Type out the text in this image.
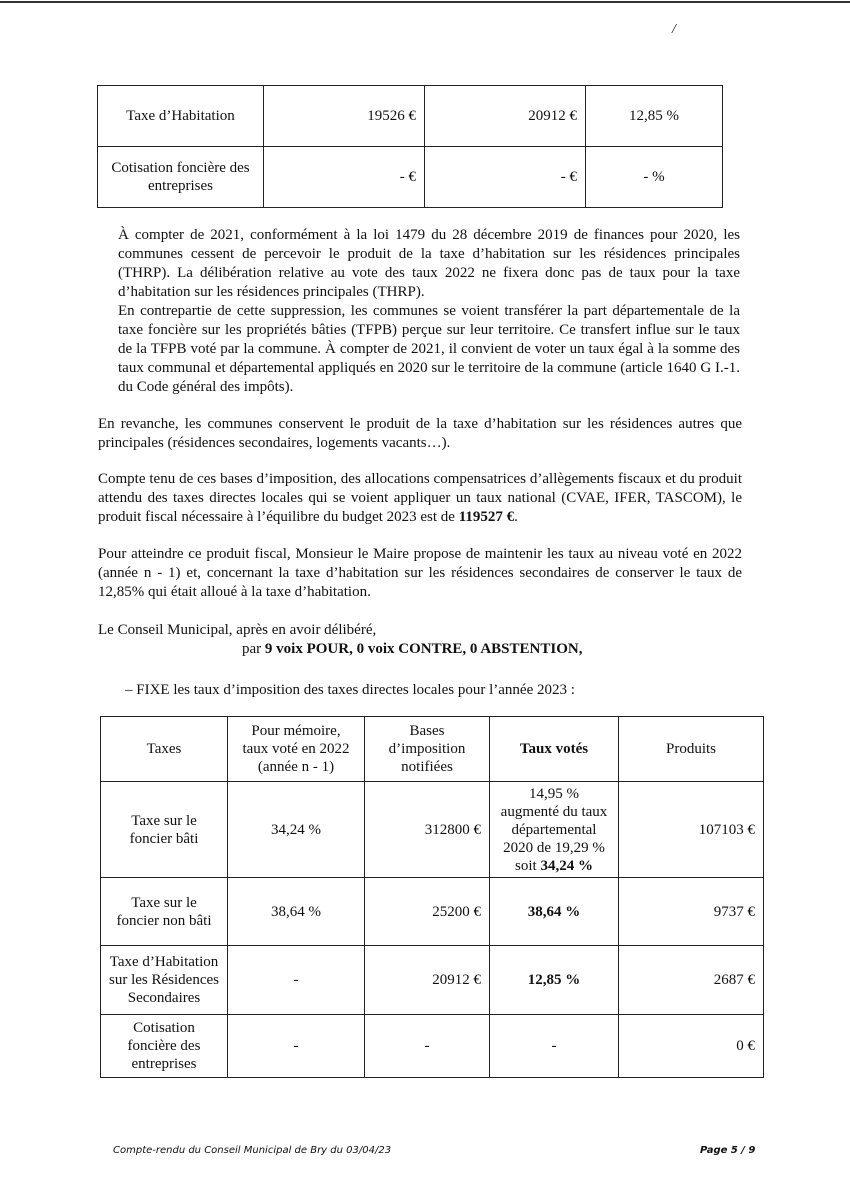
/
Taxe d’Habitation	19526 €	20912 €	12,85 %
Cotisation foncière des entreprises	- €	- €	- %

À compter de 2021, conformément à la loi 1479 du 28 décembre 2019 de finances pour 2020, les communes cessent de percevoir le produit de la taxe d’habitation sur les résidences principales (THRP). La délibération relative au vote des taux 2022 ne fixera donc pas de taux pour la taxe d’habitation sur les résidences principales (THRP).

En contrepartie de cette suppression, les communes se voient transférer la part départementale de la taxe foncière sur les propriétés bâties (TFPB) perçue sur leur territoire. Ce transfert influe sur le taux de la TFPB voté par la commune. À compter de 2021, il convient de voter un taux égal à la somme des taux communal et départemental appliqués en 2020 sur le territoire de la commune (article 1640 G I.-1. du Code général des impôts).

En revanche, les communes conservent le produit de la taxe d’habitation sur les résidences autres que principales (résidences secondaires, logements vacants…).

Compte tenu de ces bases d’imposition, des allocations compensatrices d’allègements fiscaux et du produit attendu des taxes directes locales qui se voient appliquer un taux national (CVAE, IFER, TASCOM), le produit fiscal nécessaire à l’équilibre du budget 2023 est de 119527 €.

Pour atteindre ce produit fiscal, Monsieur le Maire propose de maintenir les taux au niveau voté en 2022 (année n - 1) et, concernant la taxe d’habitation sur les résidences secondaires de conserver le taux de 12,85% qui était alloué à la taxe d’habitation.

Le Conseil Municipal, après en avoir délibéré,

par 9 voix POUR, 0 voix CONTRE, 0 ABSTENTION,

– FIXE les taux d’imposition des taxes directes locales pour l’année 2023 :

Taxes	Pour mémoire,
taux voté en 2022
(année n - 1)	Bases
d’imposition
notifiées	Taux votés	Produits
Taxe sur le
foncier bâti	34,24 %	312800 €	14,95 %
augmenté du taux
départemental
2020 de 19,29 %
soit 34,24 %	107103 €
Taxe sur le
foncier non bâti	38,64 %	25200 €	38,64 %	9737 €
Taxe d’Habitation
sur les Résidences
Secondaires	-	20912 €	12,85 %	2687 €
Cotisation
foncière des
entreprises	-	-	-	0 €
Compte-rendu du Conseil Municipal de Bry du 03/04/23	Page 5 / 9
